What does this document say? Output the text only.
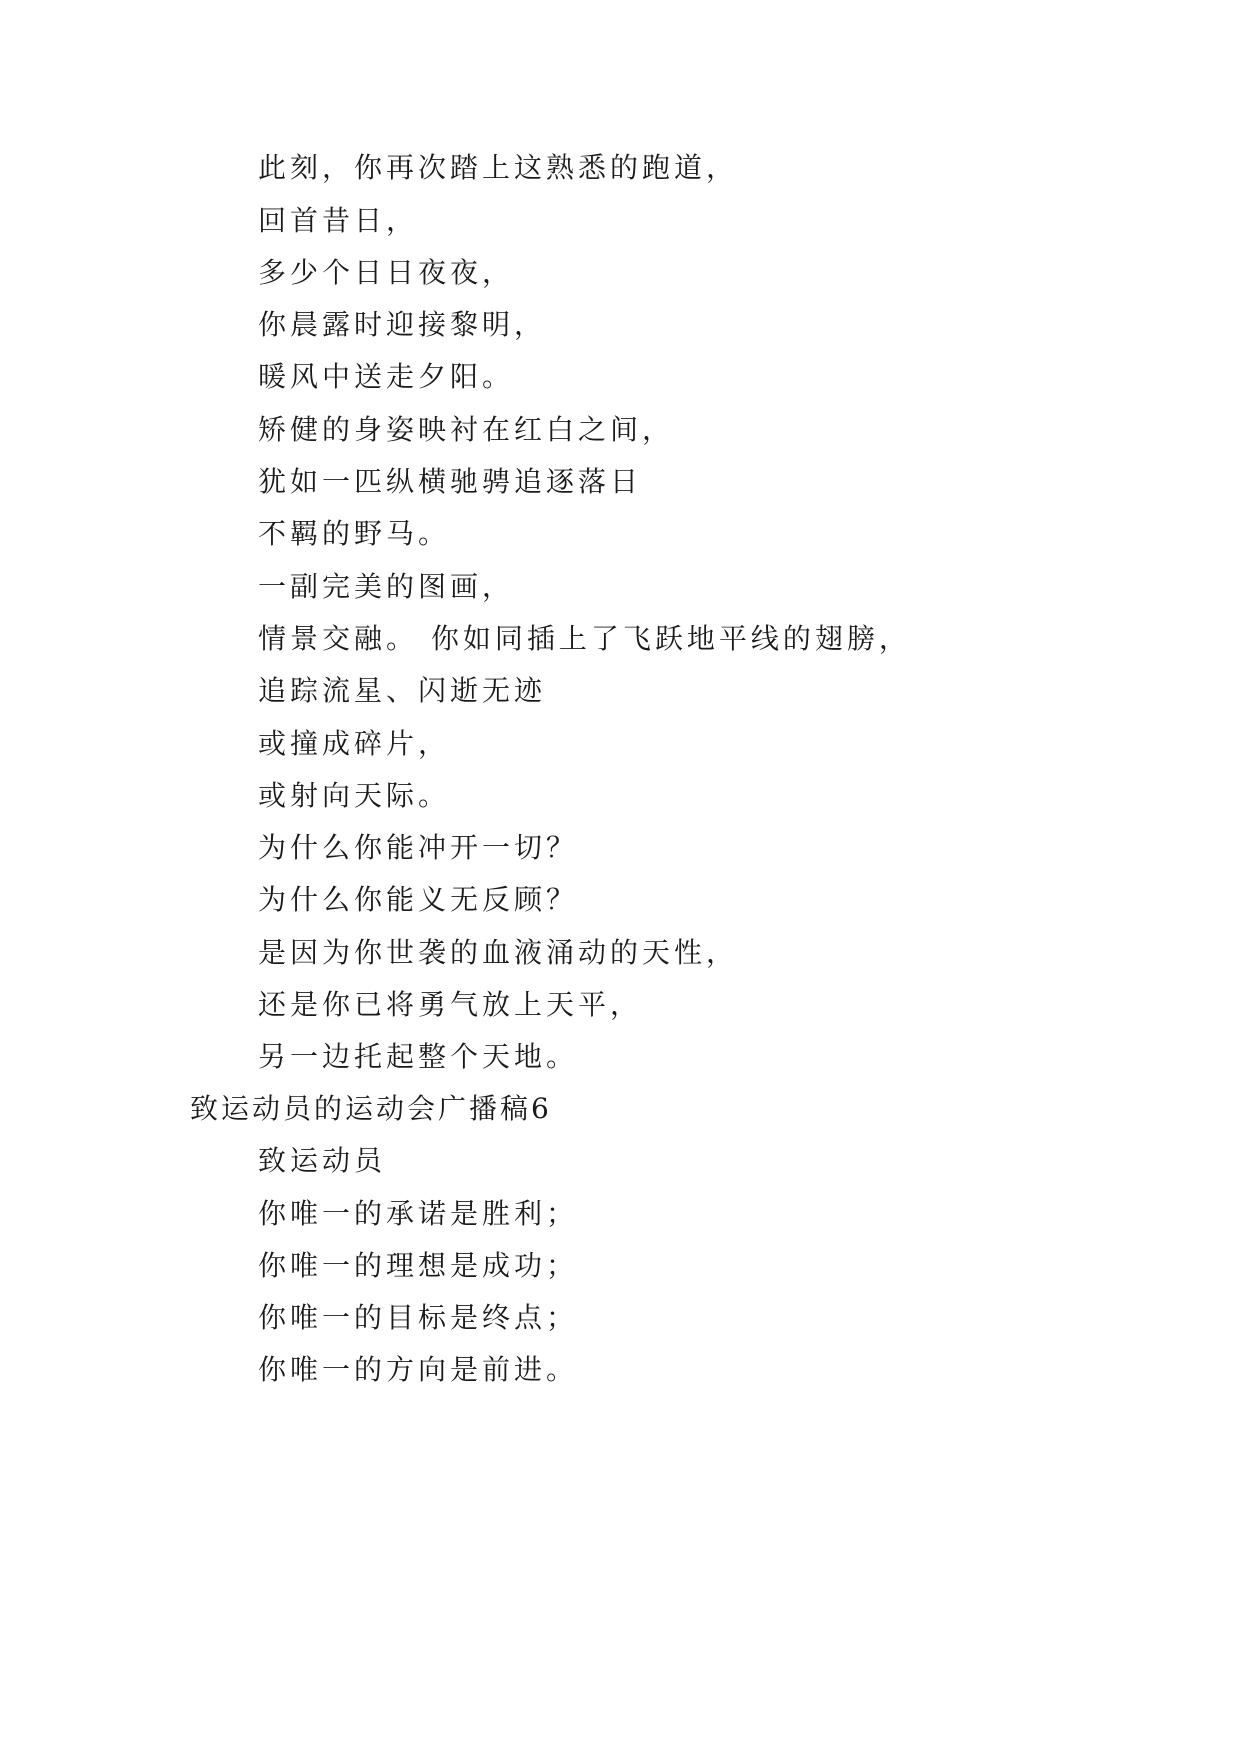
此刻，你再次踏上这熟悉的跑道，
回首昔日，
多少个日日夜夜，
你晨露时迎接黎明，
暖风中送走夕阳。
矫健的身姿映衬在红白之间，
犹如一匹纵横驰骋追逐落日
不羁的野马。
一副完美的图画，
情景交融。 你如同插上了飞跃地平线的翅膀，
追踪流星、闪逝无迹
或撞成碎片，
或射向天际。
为什么你能冲开一切？
为什么你能义无反顾？
是因为你世袭的血液涌动的天性，
还是你已将勇气放上天平，
另一边托起整个天地。
致运动员的运动会广播稿6
致运动员
你唯一的承诺是胜利；
你唯一的理想是成功；
你唯一的目标是终点；
你唯一的方向是前进。
